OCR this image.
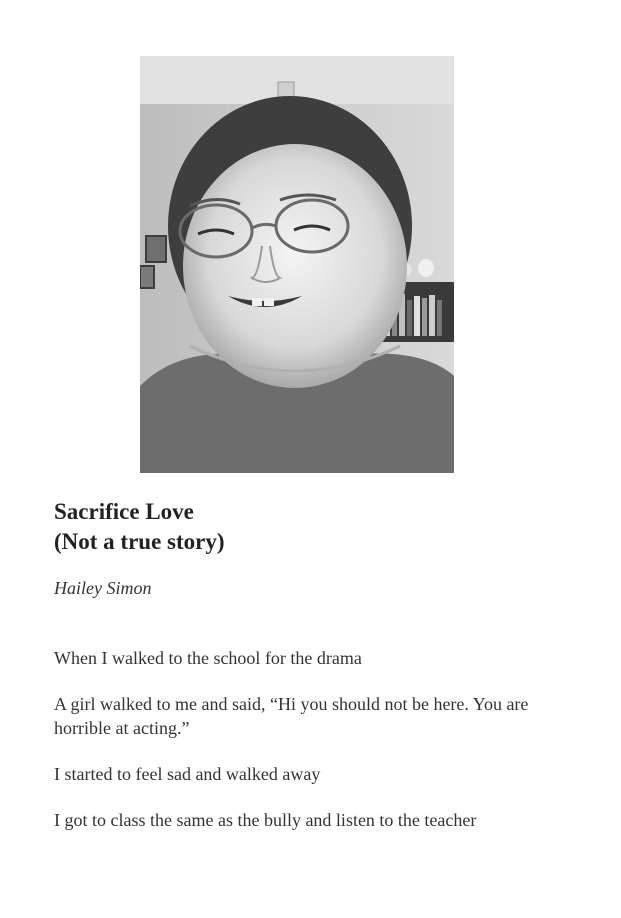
Sacrifice Love
(Not a true story)

Hailey Simon

When I walked to the school for the drama

A girl walked to me and said, “Hi you should not be here. You are horrible at acting.”

I started to feel sad and walked away

I got to class the same as the bully and listen to the teacher
